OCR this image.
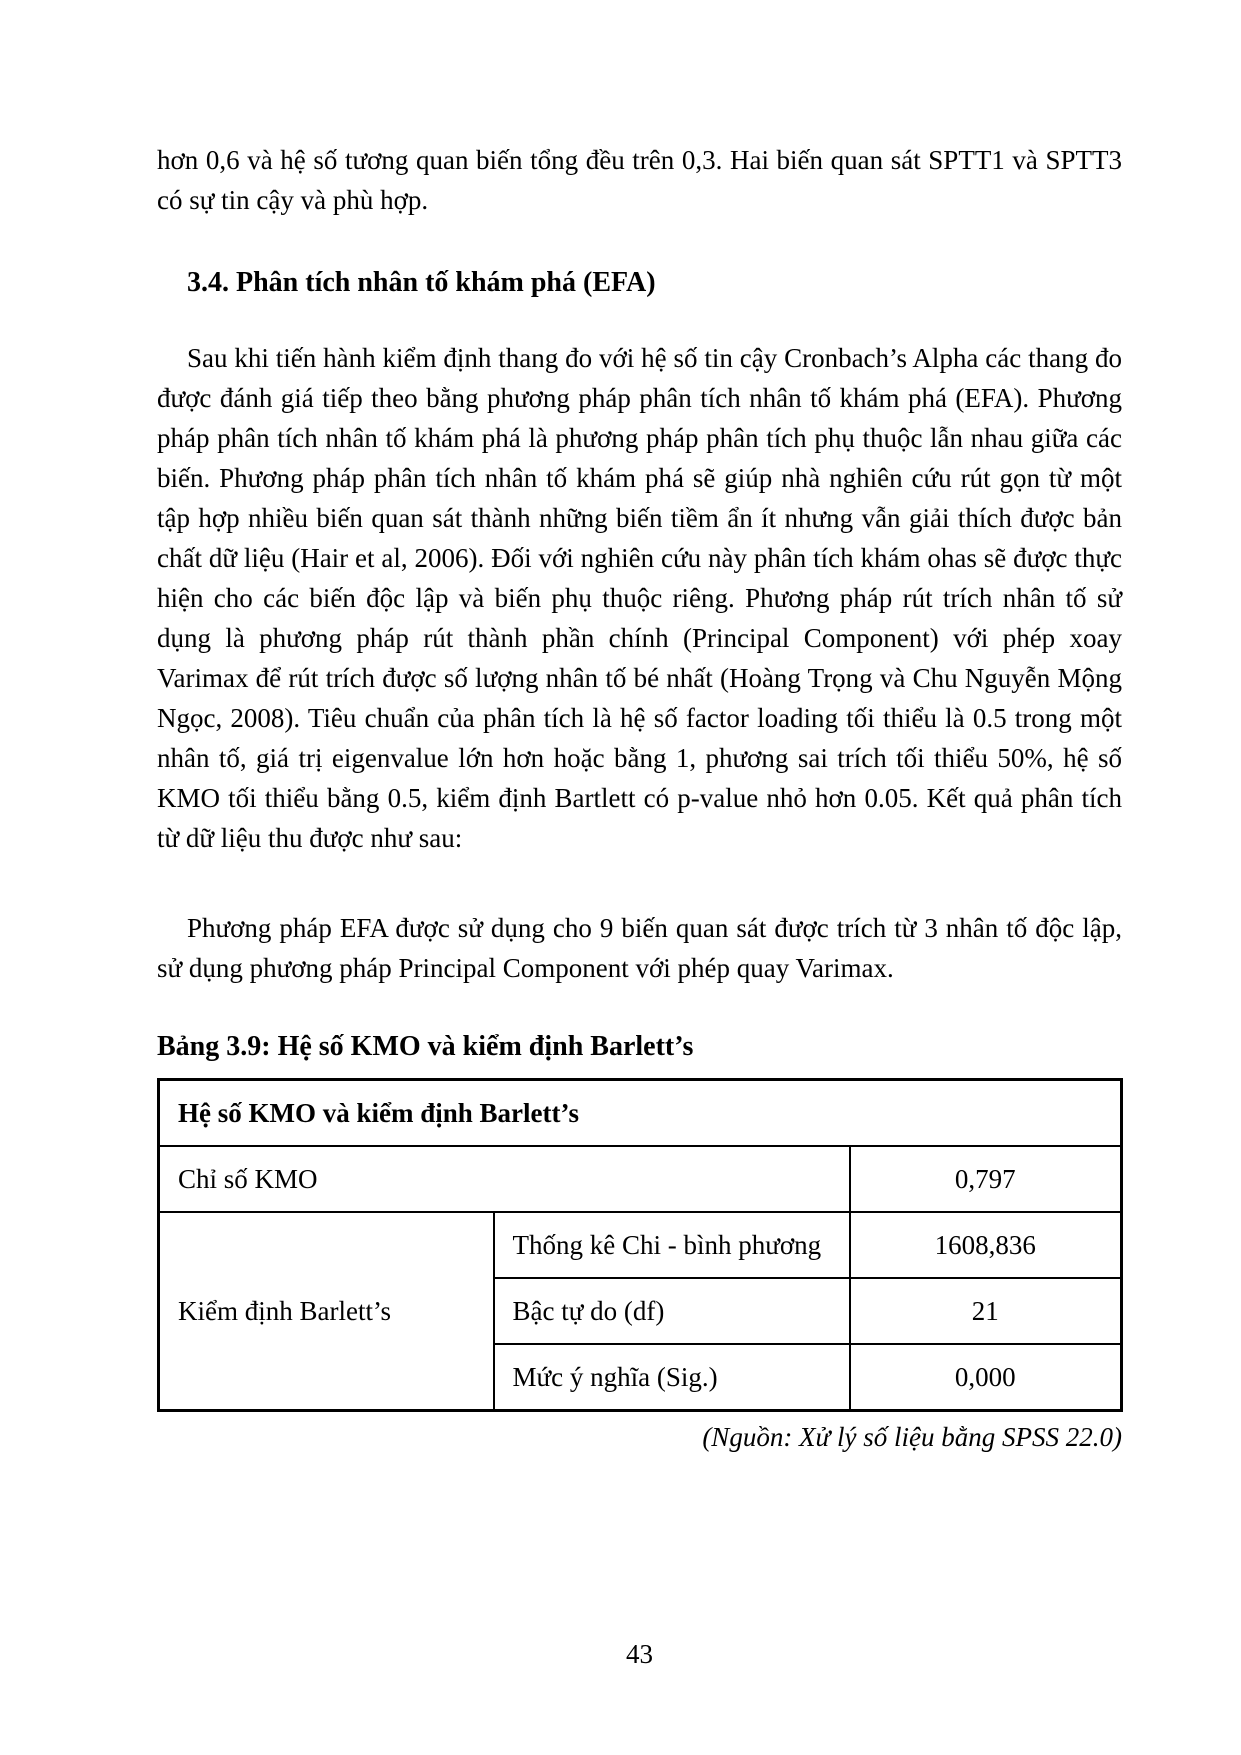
hơn 0,6 và hệ số tương quan biến tổng đều trên 0,3. Hai biến quan sát SPTT1 và SPTT3 có sự tin cậy và phù hợp.

3.4. Phân tích nhân tố khám phá (EFA)

Sau khi tiến hành kiểm định thang đo với hệ số tin cậy Cronbach’s Alpha các thang đo được đánh giá tiếp theo bằng phương pháp phân tích nhân tố khám phá (EFA). Phương pháp phân tích nhân tố khám phá là phương pháp phân tích phụ thuộc lẫn nhau giữa các biến. Phương pháp phân tích nhân tố khám phá sẽ giúp nhà nghiên cứu rút gọn từ một tập hợp nhiều biến quan sát thành những biến tiềm ẩn ít nhưng vẫn giải thích được bản chất dữ liệu (Hair et al, 2006). Đối với nghiên cứu này phân tích khám ohas sẽ được thực hiện cho các biến độc lập và biến phụ thuộc riêng. Phương pháp rút trích nhân tố sử dụng là phương pháp rút thành phần chính (Principal Component) với phép xoay Varimax để rút trích được số lượng nhân tố bé nhất (Hoàng Trọng và Chu Nguyễn Mộng Ngọc, 2008). Tiêu chuẩn của phân tích là hệ số factor loading tối thiểu là 0.5 trong một nhân tố, giá trị eigenvalue lớn hơn hoặc bằng 1, phương sai trích tối thiểu 50%, hệ số KMO tối thiểu bằng 0.5, kiểm định Bartlett có p-value nhỏ hơn 0.05. Kết quả phân tích từ dữ liệu thu được như sau:

Phương pháp EFA được sử dụng cho 9 biến quan sát được trích từ 3 nhân tố độc lập, sử dụng phương pháp Principal Component với phép quay Varimax.

Bảng 3.9: Hệ số KMO và kiểm định Barlett’s
Hệ số KMO và kiểm định Barlett’s		
Chỉ số KMO		0,797
Kiểm định Barlett’s	Thống kê Chi - bình phương	1608,836
	Bậc tự do (df)	21
	Mức ý nghĩa (Sig.)	0,000
(Nguồn: Xử lý số liệu bằng SPSS 22.0)
43
